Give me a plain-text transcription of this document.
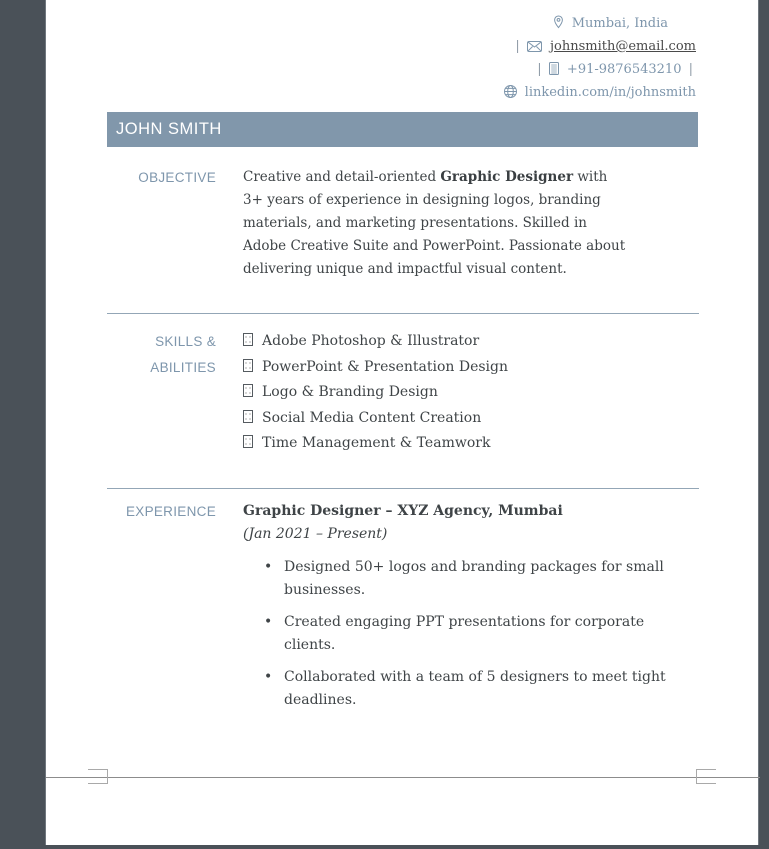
Mumbai, India
| johnsmith@email.com
| +91-9876543210 |
linkedin.com/in/johnsmith
JOHN SMITH
OBJECTIVE Creative and detail-oriented Graphic Designer with 3+ years of experience in designing logos, branding materials, and marketing presentations. Skilled in Adobe Creative Suite and PowerPoint. Passionate about delivering unique and impactful visual content.
SKILLS &
ABILITIES
Adobe Photoshop & Illustrator
PowerPoint & Presentation Design
Logo & Branding Design
Social Media Content Creation
Time Management & Teamwork
EXPERIENCE Graphic Designer – XYZ Agency, Mumbai
(Jan 2021 – Present)
•
Designed 50+ logos and branding packages for small businesses.
•
Created engaging PPT presentations for corporate clients.
•
Collaborated with a team of 5 designers to meet tight deadlines.
